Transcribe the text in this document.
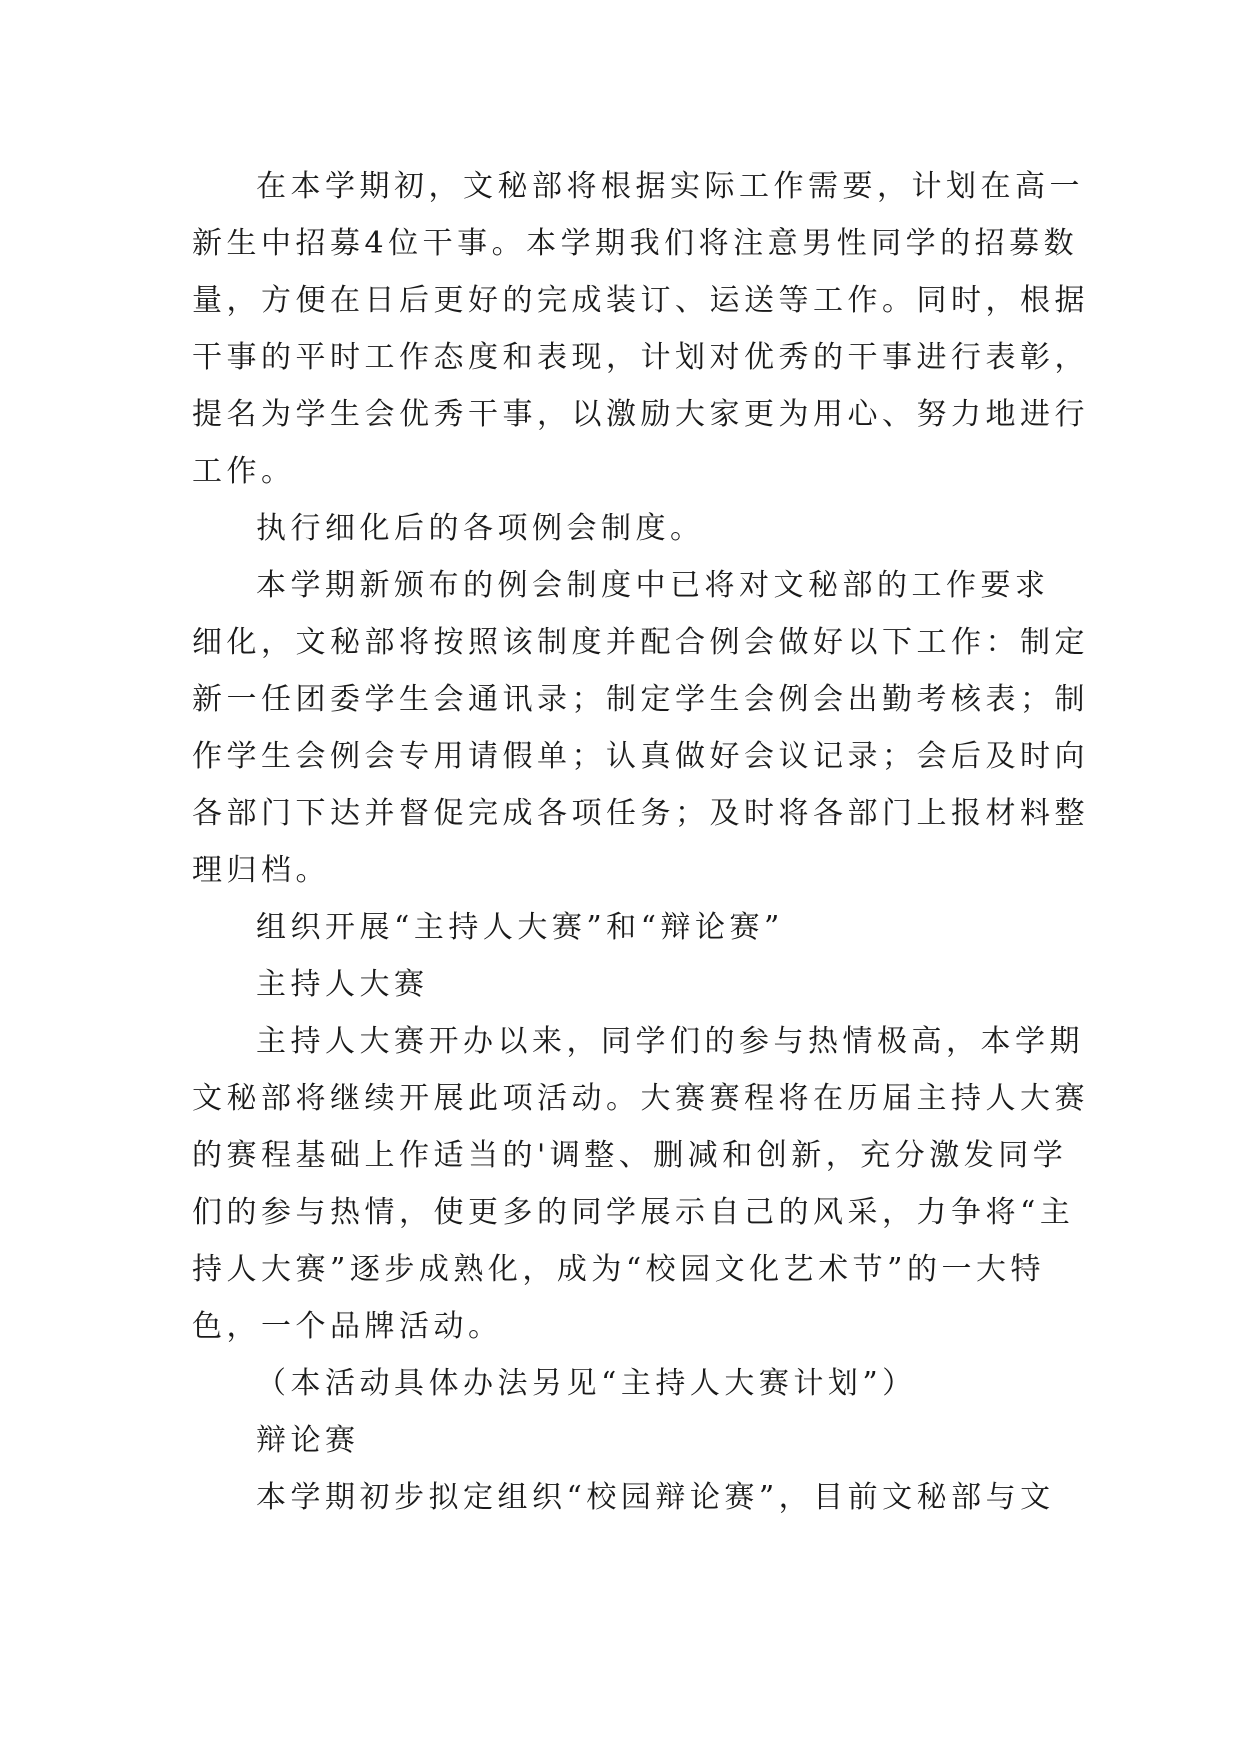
在本学期初，文秘部将根据实际工作需要，计划在高一
新生中招募4位干事。本学期我们将注意男性同学的招募数
量，方便在日后更好的完成装订、运送等工作。同时，根据
干事的平时工作态度和表现，计划对优秀的干事进行表彰，
提名为学生会优秀干事，以激励大家更为用心、努力地进行
工作。
执行细化后的各项例会制度。
本学期新颁布的例会制度中已将对文秘部的工作要求
细化，文秘部将按照该制度并配合例会做好以下工作：制定
新一任团委学生会通讯录；制定学生会例会出勤考核表；制
作学生会例会专用请假单；认真做好会议记录；会后及时向
各部门下达并督促完成各项任务；及时将各部门上报材料整
理归档。
组织开展“主持人大赛”和“辩论赛”
主持人大赛
主持人大赛开办以来，同学们的参与热情极高，本学期
文秘部将继续开展此项活动。大赛赛程将在历届主持人大赛
的赛程基础上作适当的'调整、删减和创新，充分激发同学
们的参与热情，使更多的同学展示自己的风采，力争将“主
持人大赛”逐步成熟化，成为“校园文化艺术节”的一大特
色，一个品牌活动。
（本活动具体办法另见“主持人大赛计划”）
辩论赛
本学期初步拟定组织“校园辩论赛”，目前文秘部与文
